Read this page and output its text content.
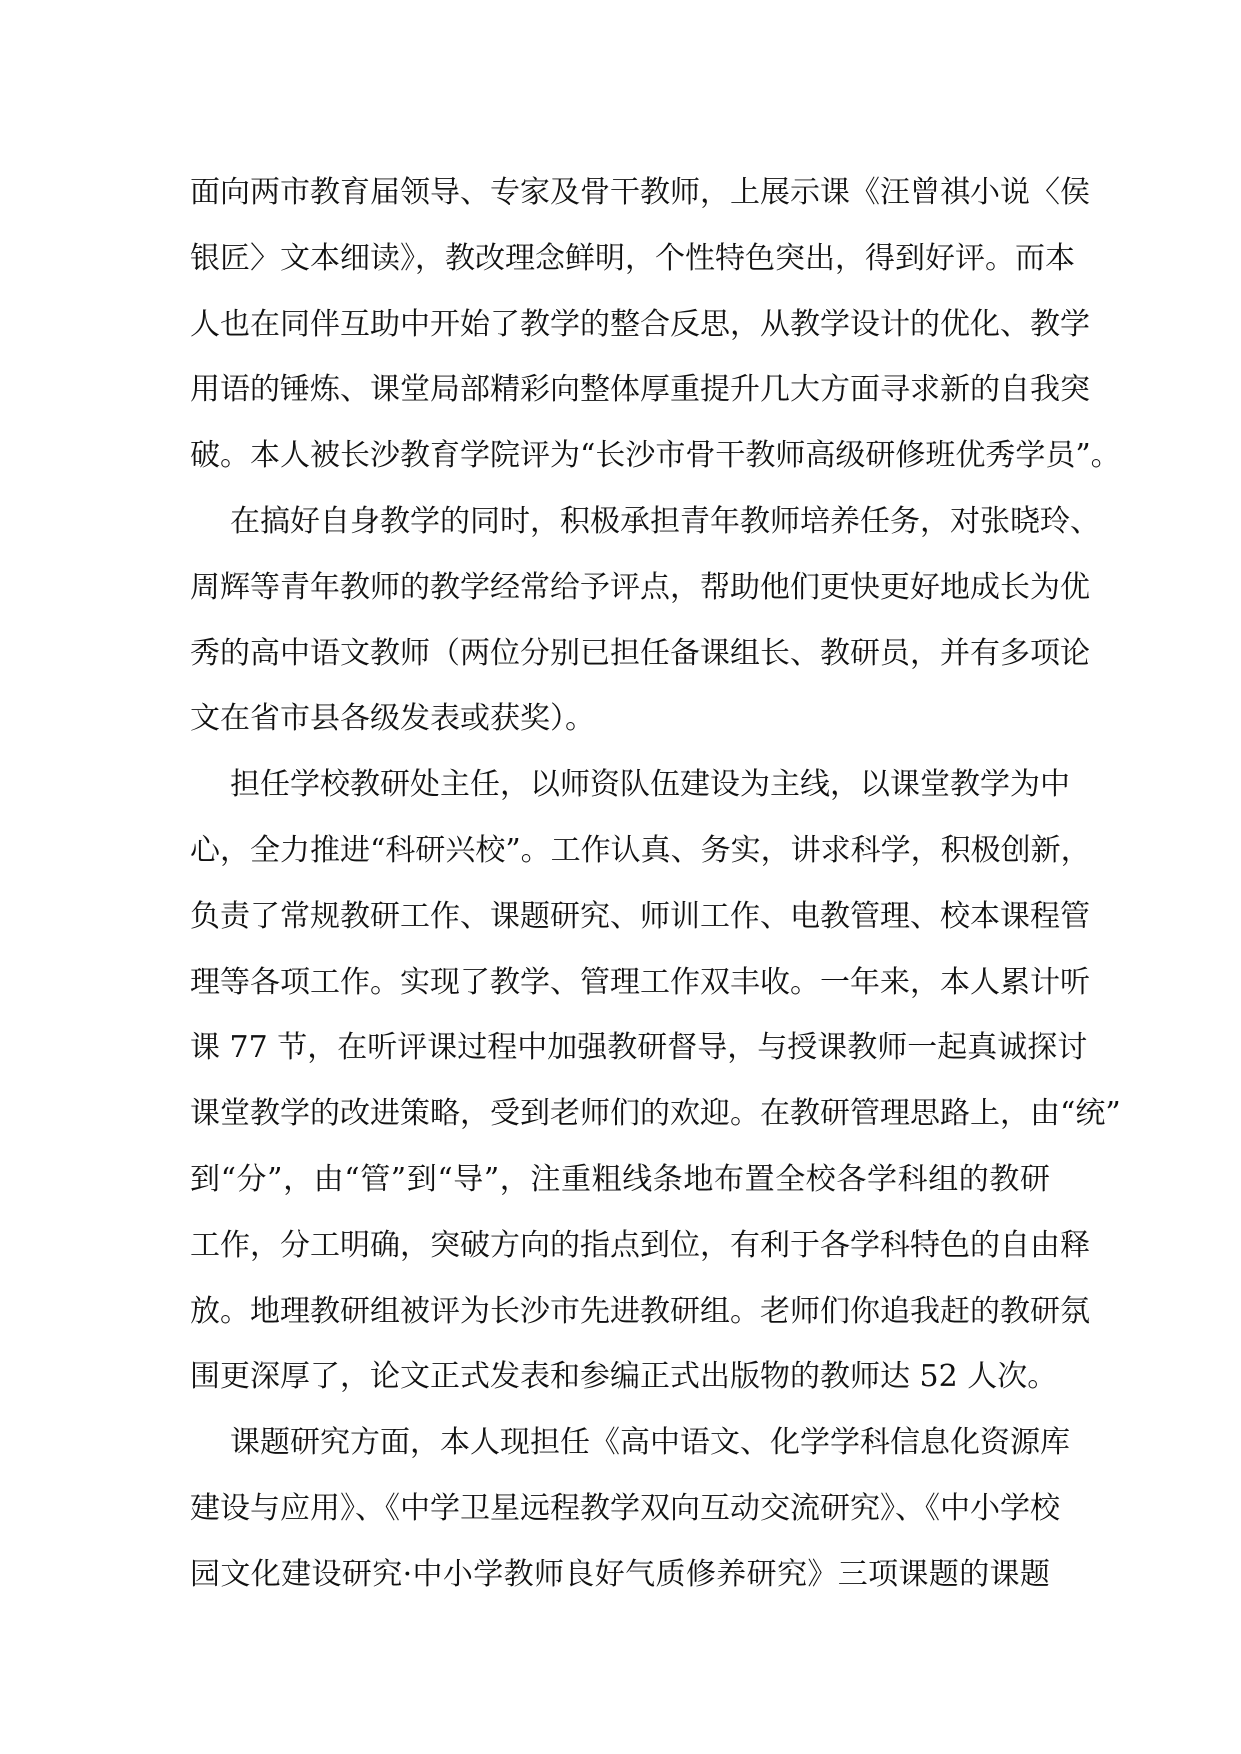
面向两市教育届领导、专家及骨干教师，上展示课《汪曾祺小说〈侯
银匠〉文本细读》，教改理念鲜明，个性特色突出，得到好评。而本
人也在同伴互助中开始了教学的整合反思，从教学设计的优化、教学
用语的锤炼、课堂局部精彩向整体厚重提升几大方面寻求新的自我突
破。本人被长沙教育学院评为“长沙市骨干教师高级研修班优秀学员”。
在搞好自身教学的同时，积极承担青年教师培养任务，对张晓玲、
周辉等青年教师的教学经常给予评点，帮助他们更快更好地成长为优
秀的高中语文教师（两位分别已担任备课组长、教研员，并有多项论
文在省市县各级发表或获奖）。
担任学校教研处主任，以师资队伍建设为主线，以课堂教学为中
心，全力推进“科研兴校”。工作认真、务实，讲求科学，积极创新，
负责了常规教研工作、课题研究、师训工作、电教管理、校本课程管
理等各项工作。实现了教学、管理工作双丰收。一年来，本人累计听
课 77 节，在听评课过程中加强教研督导，与授课教师一起真诚探讨
课堂教学的改进策略，受到老师们的欢迎。在教研管理思路上，由“统”
到“分”，由“管”到“导”，注重粗线条地布置全校各学科组的教研
工作，分工明确，突破方向的指点到位，有利于各学科特色的自由释
放。地理教研组被评为长沙市先进教研组。老师们你追我赶的教研氛
围更深厚了，论文正式发表和参编正式出版物的教师达 52 人次。
课题研究方面，本人现担任《高中语文、化学学科信息化资源库
建设与应用》、《中学卫星远程教学双向互动交流研究》、《中小学校
园文化建设研究·中小学教师良好气质修养研究》三项课题的课题
